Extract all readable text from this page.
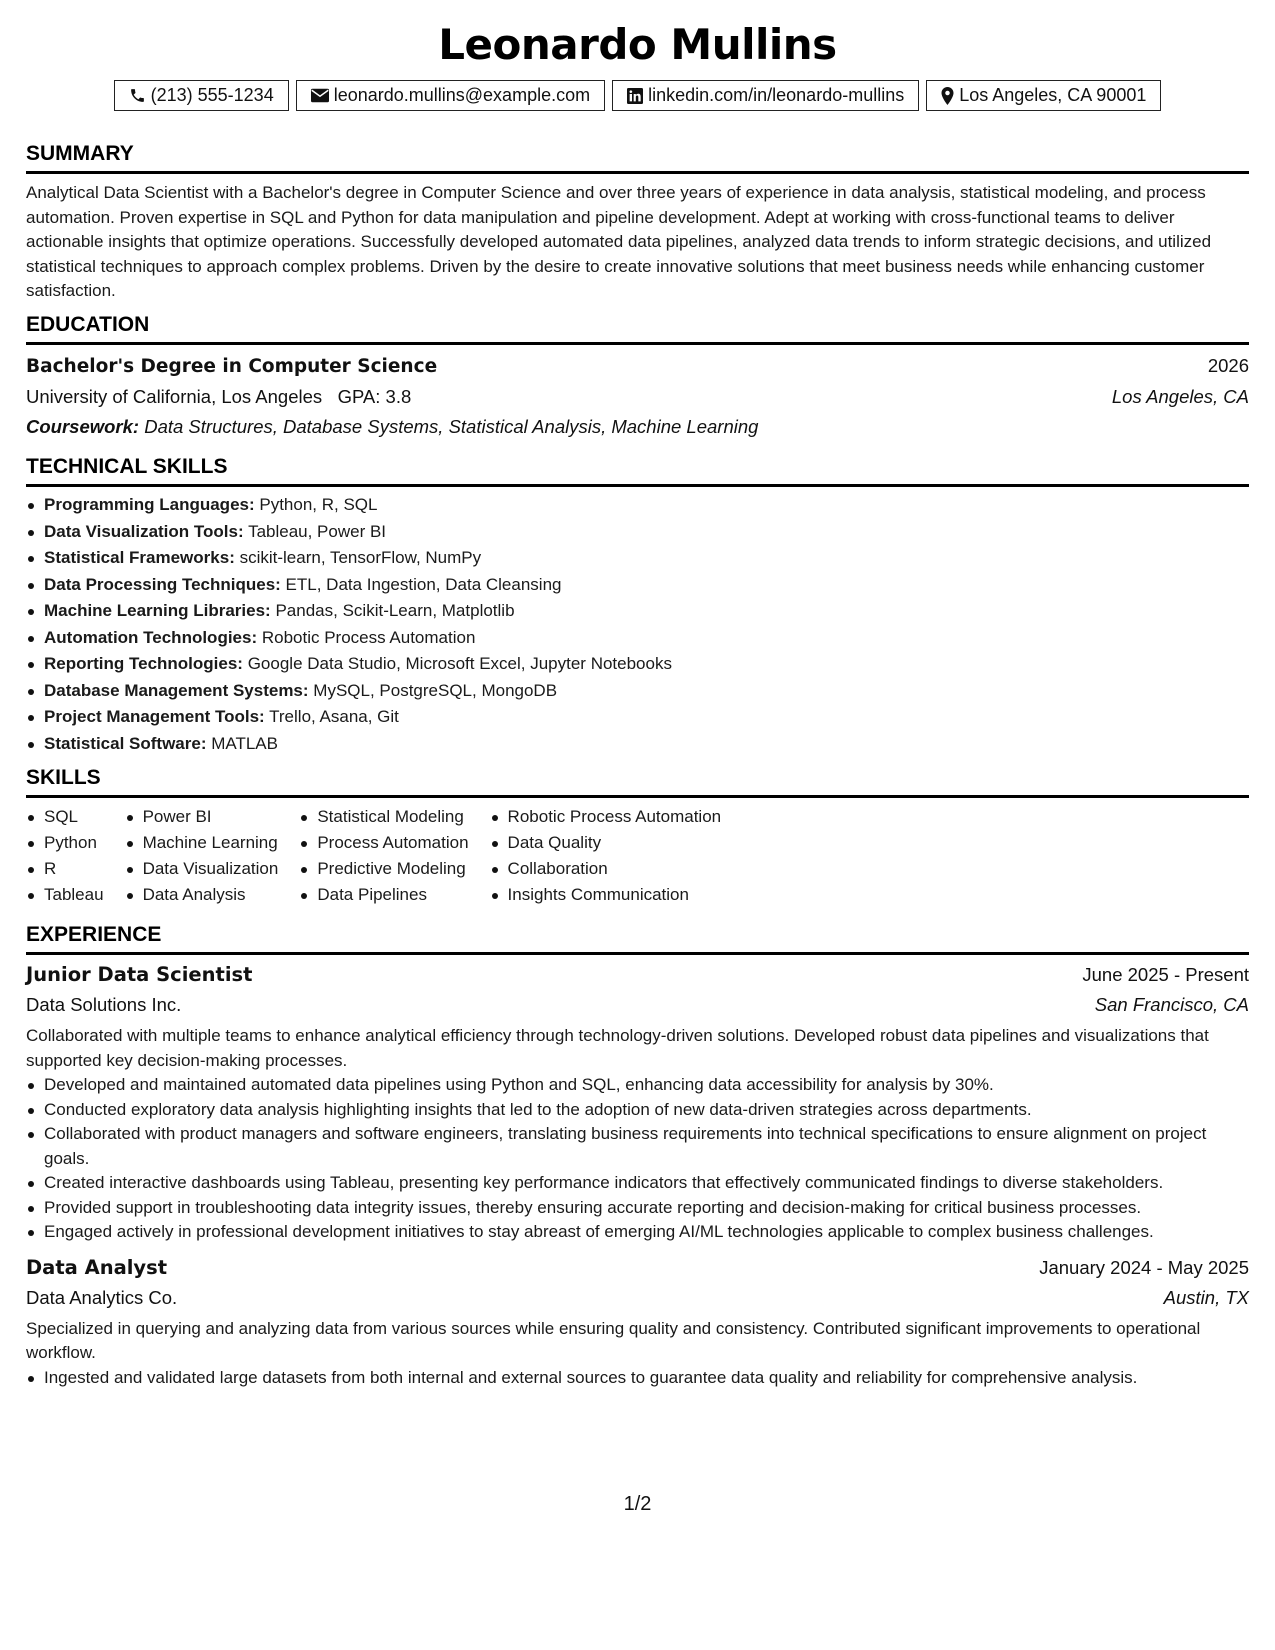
Leonardo Mullins
(213) 555-1234	leonardo.mullins@example.com	linkedin.com/in/leonardo-mullins	Los Angeles, CA 90001
SUMMARY
Analytical Data Scientist with a Bachelor's degree in Computer Science and over three years of experience in data analysis, statistical modeling, and process automation. Proven expertise in SQL and Python for data manipulation and pipeline development. Adept at working with cross-functional teams to deliver actionable insights that optimize operations. Successfully developed automated data pipelines, analyzed data trends to inform strategic decisions, and utilized statistical techniques to approach complex problems. Driven by the desire to create innovative solutions that meet business needs while enhancing customer satisfaction.
EDUCATION
Bachelor's Degree in Computer Science	2026
University of California, Los Angeles GPA: 3.8	Los Angeles, CA
Coursework: Data Structures, Database Systems, Statistical Analysis, Machine Learning
TECHNICAL SKILLS
Programming Languages: Python, R, SQL
Data Visualization Tools: Tableau, Power BI
Statistical Frameworks: scikit-learn, TensorFlow, NumPy
Data Processing Techniques: ETL, Data Ingestion, Data Cleansing
Machine Learning Libraries: Pandas, Scikit-Learn, Matplotlib
Automation Technologies: Robotic Process Automation
Reporting Technologies: Google Data Studio, Microsoft Excel, Jupyter Notebooks
Database Management Systems: MySQL, PostgreSQL, MongoDB
Project Management Tools: Trello, Asana, Git
Statistical Software: MATLAB
SKILLS
SQL
Python
R
Tableau
Power BI
Machine Learning
Data Visualization
Data Analysis
Statistical Modeling
Process Automation
Predictive Modeling
Data Pipelines
Robotic Process Automation
Data Quality
Collaboration
Insights Communication
EXPERIENCE
Junior Data Scientist	June 2025 - Present
Data Solutions Inc.	San Francisco, CA
Collaborated with multiple teams to enhance analytical efficiency through technology-driven solutions. Developed robust data pipelines and visualizations that supported key decision-making processes.
Developed and maintained automated data pipelines using Python and SQL, enhancing data accessibility for analysis by 30%.
Conducted exploratory data analysis highlighting insights that led to the adoption of new data-driven strategies across departments.
Collaborated with product managers and software engineers, translating business requirements into technical specifications to ensure alignment on project goals.
Created interactive dashboards using Tableau, presenting key performance indicators that effectively communicated findings to diverse stakeholders.
Provided support in troubleshooting data integrity issues, thereby ensuring accurate reporting and decision-making for critical business processes.
Engaged actively in professional development initiatives to stay abreast of emerging AI/ML technologies applicable to complex business challenges.
Data Analyst	January 2024 - May 2025
Data Analytics Co.	Austin, TX
Specialized in querying and analyzing data from various sources while ensuring quality and consistency. Contributed significant improvements to operational workflow.
Ingested and validated large datasets from both internal and external sources to guarantee data quality and reliability for comprehensive analysis.
1/2
